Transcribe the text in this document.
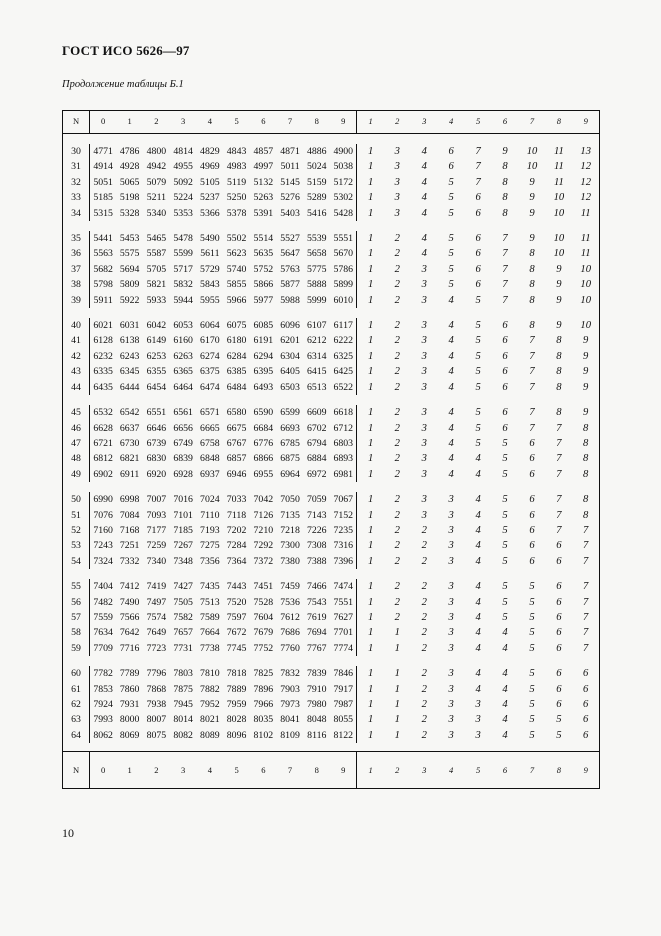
ГОСТ ИСО 5626—97
Продолжение таблицы Б.1
N	0	1	2	3	4	5	6	7	8	9	1	2	3	4	5	6	7	8	9

30	4771	4786	4800	4814	4829	4843	4857	4871	4886	4900	1	3	4	6	7	9	10	11	13
31	4914	4928	4942	4955	4969	4983	4997	5011	5024	5038	1	3	4	6	7	8	10	11	12
32	5051	5065	5079	5092	5105	5119	5132	5145	5159	5172	1	3	4	5	7	8	9	11	12
33	5185	5198	5211	5224	5237	5250	5263	5276	5289	5302	1	3	4	5	6	8	9	10	12
34	5315	5328	5340	5353	5366	5378	5391	5403	5416	5428	1	3	4	5	6	8	9	10	11

35	5441	5453	5465	5478	5490	5502	5514	5527	5539	5551	1	2	4	5	6	7	9	10	11
36	5563	5575	5587	5599	5611	5623	5635	5647	5658	5670	1	2	4	5	6	7	8	10	11
37	5682	5694	5705	5717	5729	5740	5752	5763	5775	5786	1	2	3	5	6	7	8	9	10
38	5798	5809	5821	5832	5843	5855	5866	5877	5888	5899	1	2	3	5	6	7	8	9	10
39	5911	5922	5933	5944	5955	5966	5977	5988	5999	6010	1	2	3	4	5	7	8	9	10

40	6021	6031	6042	6053	6064	6075	6085	6096	6107	6117	1	2	3	4	5	6	8	9	10
41	6128	6138	6149	6160	6170	6180	6191	6201	6212	6222	1	2	3	4	5	6	7	8	9
42	6232	6243	6253	6263	6274	6284	6294	6304	6314	6325	1	2	3	4	5	6	7	8	9
43	6335	6345	6355	6365	6375	6385	6395	6405	6415	6425	1	2	3	4	5	6	7	8	9
44	6435	6444	6454	6464	6474	6484	6493	6503	6513	6522	1	2	3	4	5	6	7	8	9

45	6532	6542	6551	6561	6571	6580	6590	6599	6609	6618	1	2	3	4	5	6	7	8	9
46	6628	6637	6646	6656	6665	6675	6684	6693	6702	6712	1	2	3	4	5	6	7	7	8
47	6721	6730	6739	6749	6758	6767	6776	6785	6794	6803	1	2	3	4	5	5	6	7	8
48	6812	6821	6830	6839	6848	6857	6866	6875	6884	6893	1	2	3	4	4	5	6	7	8
49	6902	6911	6920	6928	6937	6946	6955	6964	6972	6981	1	2	3	4	4	5	6	7	8

50	6990	6998	7007	7016	7024	7033	7042	7050	7059	7067	1	2	3	3	4	5	6	7	8
51	7076	7084	7093	7101	7110	7118	7126	7135	7143	7152	1	2	3	3	4	5	6	7	8
52	7160	7168	7177	7185	7193	7202	7210	7218	7226	7235	1	2	2	3	4	5	6	7	7
53	7243	7251	7259	7267	7275	7284	7292	7300	7308	7316	1	2	2	3	4	5	6	6	7
54	7324	7332	7340	7348	7356	7364	7372	7380	7388	7396	1	2	2	3	4	5	6	6	7

55	7404	7412	7419	7427	7435	7443	7451	7459	7466	7474	1	2	2	3	4	5	5	6	7
56	7482	7490	7497	7505	7513	7520	7528	7536	7543	7551	1	2	2	3	4	5	5	6	7
57	7559	7566	7574	7582	7589	7597	7604	7612	7619	7627	1	2	2	3	4	5	5	6	7
58	7634	7642	7649	7657	7664	7672	7679	7686	7694	7701	1	1	2	3	4	4	5	6	7
59	7709	7716	7723	7731	7738	7745	7752	7760	7767	7774	1	1	2	3	4	4	5	6	7

60	7782	7789	7796	7803	7810	7818	7825	7832	7839	7846	1	1	2	3	4	4	5	6	6
61	7853	7860	7868	7875	7882	7889	7896	7903	7910	7917	1	1	2	3	4	4	5	6	6
62	7924	7931	7938	7945	7952	7959	7966	7973	7980	7987	1	1	2	3	3	4	5	6	6
63	7993	8000	8007	8014	8021	8028	8035	8041	8048	8055	1	1	2	3	3	4	5	5	6
64	8062	8069	8075	8082	8089	8096	8102	8109	8116	8122	1	1	2	3	3	4	5	5	6

N	0	1	2	3	4	5	6	7	8	9	1	2	3	4	5	6	7	8	9
10
